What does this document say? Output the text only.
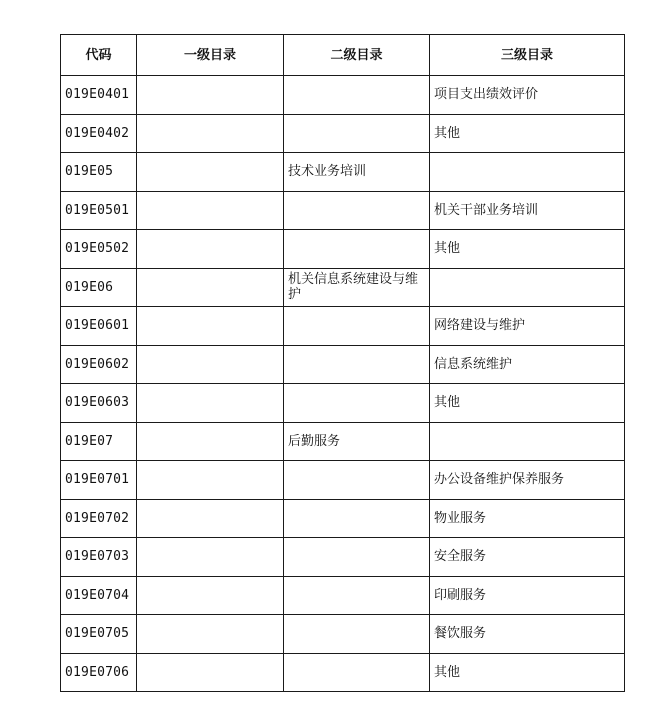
代码	一级目录	二级目录	三级目录
019E0401			项目支出绩效评价
019E0402			其他
019E05		技术业务培训	
019E0501			机关干部业务培训
019E0502			其他
019E06		机关信息系统建设与维护	
019E0601			网络建设与维护
019E0602			信息系统维护
019E0603			其他
019E07		后勤服务	
019E0701			办公设备维护保养服务
019E0702			物业服务
019E0703			安全服务
019E0704			印刷服务
019E0705			餐饮服务
019E0706			其他
